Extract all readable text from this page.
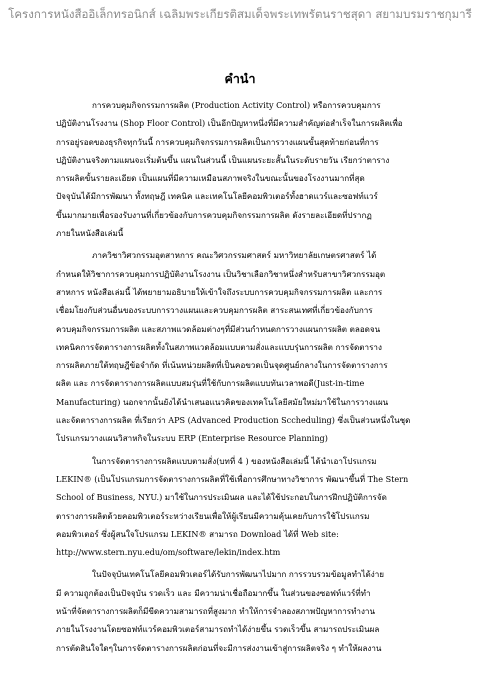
โครงการหนังสืออิเล็กทรอนิกส์ เฉลิมพระเกียรติสมเด็จพระเทพรัตนราชสุดา สยามบรมราชกุมารี
คำนำ

การควบคุมกิจกรรมการผลิต (Production Activity Control) หรือการควบคุมการ
ปฏิบัติงานโรงงาน (Shop Floor Control) เป็นอีกปัญหาหนึ่งที่มีความสำคัญต่อสำเร็จในการผลิตเพื่อ
การอยู่รอดของธุรกิจทุกวันนี้ การควบคุมกิจกรรมการผลิตเป็นการวางแผนขั้นสุดท้ายก่อนที่การ
ปฏิบัติงานจริงตามแผนจะเริ่มต้นขึ้น แผนในส่วนนี้ เป็นแผนระยะสั้นในระดับรายวัน เรียกว่าตาราง
การผลิตขั้นรายละเอียด เป็นแผนที่มีความเหมือนสภาพจริงในขณะนั้นของโรงงานมากที่สุด
ปัจจุบันได้มีการพัฒนา ทั้งทฤษฎี เทคนิค และเทคโนโลยีคอมพิวเตอร์ทั้งฮาดแวร์และซอฟท์แวร์
ขึ้นมากมายเพื่อรองรับงานที่เกี่ยวข้องกับการควบคุมกิจกรรมการผลิต ดังรายละเอียดที่ปรากฏ
ภายในหนังสือเล่มนี้

ภาควิชาวิศวกรรมอุตสาหการ คณะวิศวกรรมศาสตร์ มหาวิทยาลัยเกษตรศาสตร์ ได้
กำหนดให้วิชาการควบคุมการปฏิบัติงานโรงงาน เป็นวิชาเลือกวิชาหนึ่งสำหรับสาขาวิศวกรรมอุต
สาหการ หนังสือเล่มนี้ ได้พยายามอธิบายให้เข้าใจถึงระบบการควบคุมกิจกรรมการผลิต และการ
เชื่อมโยงกับส่วนอื่นของระบบการวางแผนและควบคุมการผลิต สาระสนเทศที่เกี่ยวข้องกับการ
ควบคุมกิจกรรมการผลิต และสภาพแวดล้อมต่างๆที่มีส่วนกำหนดการวางแผนการผลิต ตลอดจน
เทคนิคการจัดตารางการผลิตทั้งในสภาพแวดล้อมแบบตามสั่งและแบบรุ่นการผลิต การจัดตาราง
การผลิตภายใต้ทฤษฎีข้อจำกัด ที่เน้นหน่วยผลิตที่เป็นคอขวดเป็นจุดศูนย์กลางในการจัดตารางการ
ผลิต และ การจัดตารางการผลิตแบบสมรุ่นที่ใช้กับการผลิตแบบทันเวลาพอดี(Just-in-time
Manufacturing) นอกจากนั้นยังได้นำเสนอแนวคิดของเทคโนโลยีสมัยใหม่มาใช้ในการวางแผน
และจัดตารางการผลิต ที่เรียกว่า APS (Advanced Production Sccheduling) ซึ่งเป็นส่วนหนึ่งในชุด
โปรแกรมวางแผนวิสาหกิจในระบบ ERP (Enterprise Resource Planning)

ในการจัดตารางการผลิตแบบตามสั่ง(บทที่ 4 ) ของหนังสือเล่มนี้ ได้นำเอาโปรแกรม
LEKIN® (เป็นโปรแกรมการจัดตารางการผลิตที่ใช้เพื่อการศึกษาทางวิชาการ พัฒนาขึ้นที่ The Stern
School of Business, NYU.) มาใช้ในการประเมินผล และได้ใช้ประกอบในการฝึกปฏิบัติการจัด
ตารางการผลิตด้วยคอมพิวเตอร์ระหว่างเรียนเพื่อให้ผู้เรียนมีความคุ้นเคยกับการใช้โปรแกรม
คอมพิวเตอร์ ซึ่งผู้สนใจโปรแกรม LEKIN® สามารถ Download ได้ที่ Web site:
http://www.stern.nyu.edu/om/software/lekin/index.htm

ในปัจจุบันเทคโนโลยีคอมพิวเตอร์ได้รับการพัฒนาไปมาก การรวบรวมข้อมูลทำได้ง่าย
มี ความถูกต้องเป็นปัจจุบัน รวดเร็ว และ มีความน่าเชื่อถือมากขึ้น ในส่วนของซอฟท์แวร์ที่ทำ
หน้าที่จัดตารางการผลิตก็มีขีดความสามารถที่สูงมาก ทำให้การจำลองสภาพปัญหาการทำงาน
ภายในโรงงานโดยซอฟท์แวร์คอมพิวเตอร์สามารถทำได้ง่ายขึ้น รวดเร็วขึ้น สามารถประเมินผล
การตัดสินใจใดๆในการจัดตารางการผลิตก่อนที่จะมีการส่งงานเข้าสู่การผลิตจริง ๆ ทำให้ผลงาน
